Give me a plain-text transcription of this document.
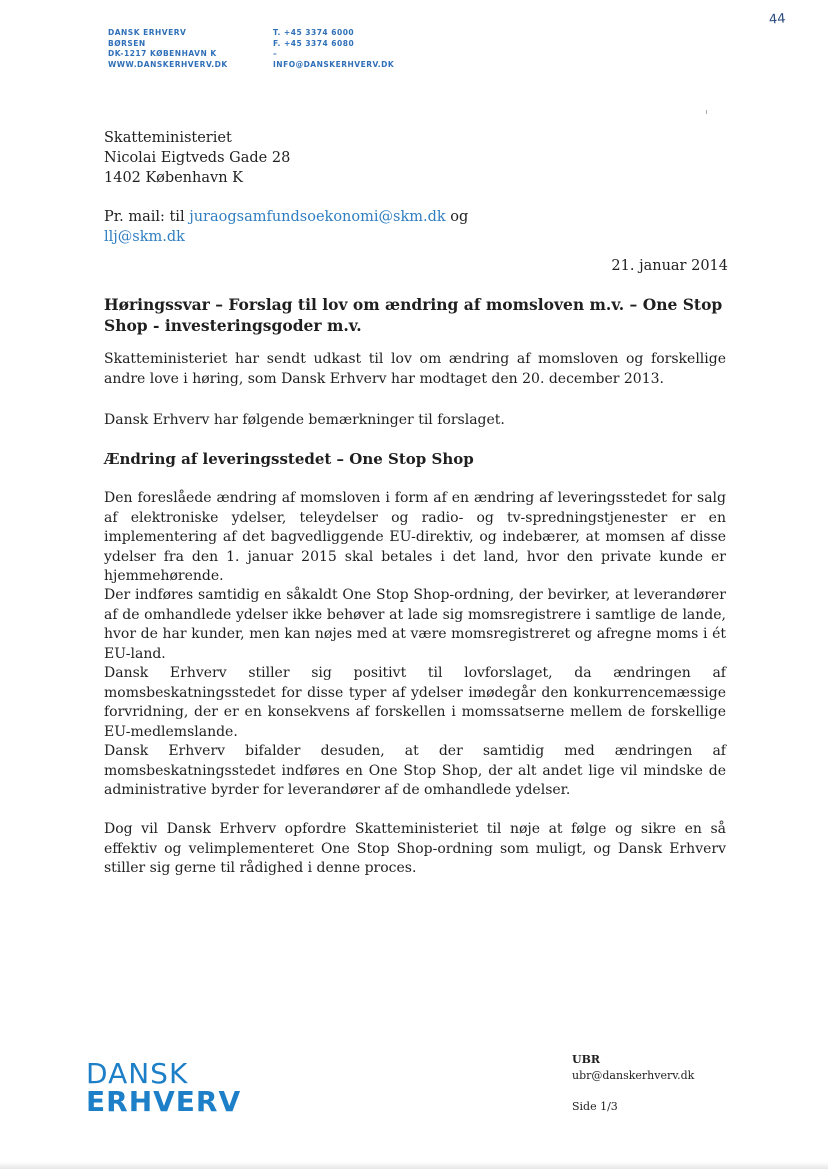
DANSK ERHVERV
BØRSEN
DK-1217 KØBENHAVN K
WWW.DANSKERHVERV.DK
T. +45 3374 6000
F. +45 3374 6080
–
INFO@DANSKERHVERV.DK
44
Skatteministeriet
Nicolai Eigtveds Gade 28
1402 København K
Pr. mail: til juraogsamfundsoekonomi@skm.dk og
llj@skm.dk
21. januar 2014
Høringssvar – Forslag til lov om ændring af momsloven m.v. – One Stop Shop - investeringsgoder m.v.
Skatteministeriet har sendt udkast til lov om ændring af momsloven og forskellige andre love i høring, som Dansk Erhverv har modtaget den 20. december 2013.
Dansk Erhverv har følgende bemærkninger til forslaget.
Ændring af leveringsstedet – One Stop Shop
Den foreslåede ændring af momsloven i form af en ændring af leveringsstedet for salg af elektroniske ydelser, teleydelser og radio- og tv-spredningstjenester er en implementering af det bagvedliggende EU-direktiv, og indebærer, at momsen af disse ydelser fra den 1. januar 2015 skal betales i det land, hvor den private kunde er hjemmehørende.
Der indføres samtidig en såkaldt One Stop Shop-ordning, der bevirker, at leverandører af de omhandlede ydelser ikke behøver at lade sig momsregistrere i samtlige de lande, hvor de har kunder, men kan nøjes med at være momsregistreret og afregne moms i ét EU-land.
Dansk Erhverv stiller sig positivt til lovforslaget, da ændringen af momsbeskatningsstedet for disse typer af ydelser imødegår den konkurrencemæssige forvridning, der er en konsekvens af forskellen i momssatserne mellem de forskellige EU-medlemslande.
Dansk Erhverv bifalder desuden, at der samtidig med ændringen af momsbeskatningsstedet indføres en One Stop Shop, der alt andet lige vil mindske de administrative byrder for leverandører af de omhandlede ydelser.
Dog vil Dansk Erhverv opfordre Skatteministeriet til nøje at følge og sikre en så effektiv og velimplementeret One Stop Shop-ordning som muligt, og Dansk Erhverv stiller sig gerne til rådighed i denne proces.
DANSK
ERHVERV
UBR
ubr@danskerhverv.dk
Side 1/3
